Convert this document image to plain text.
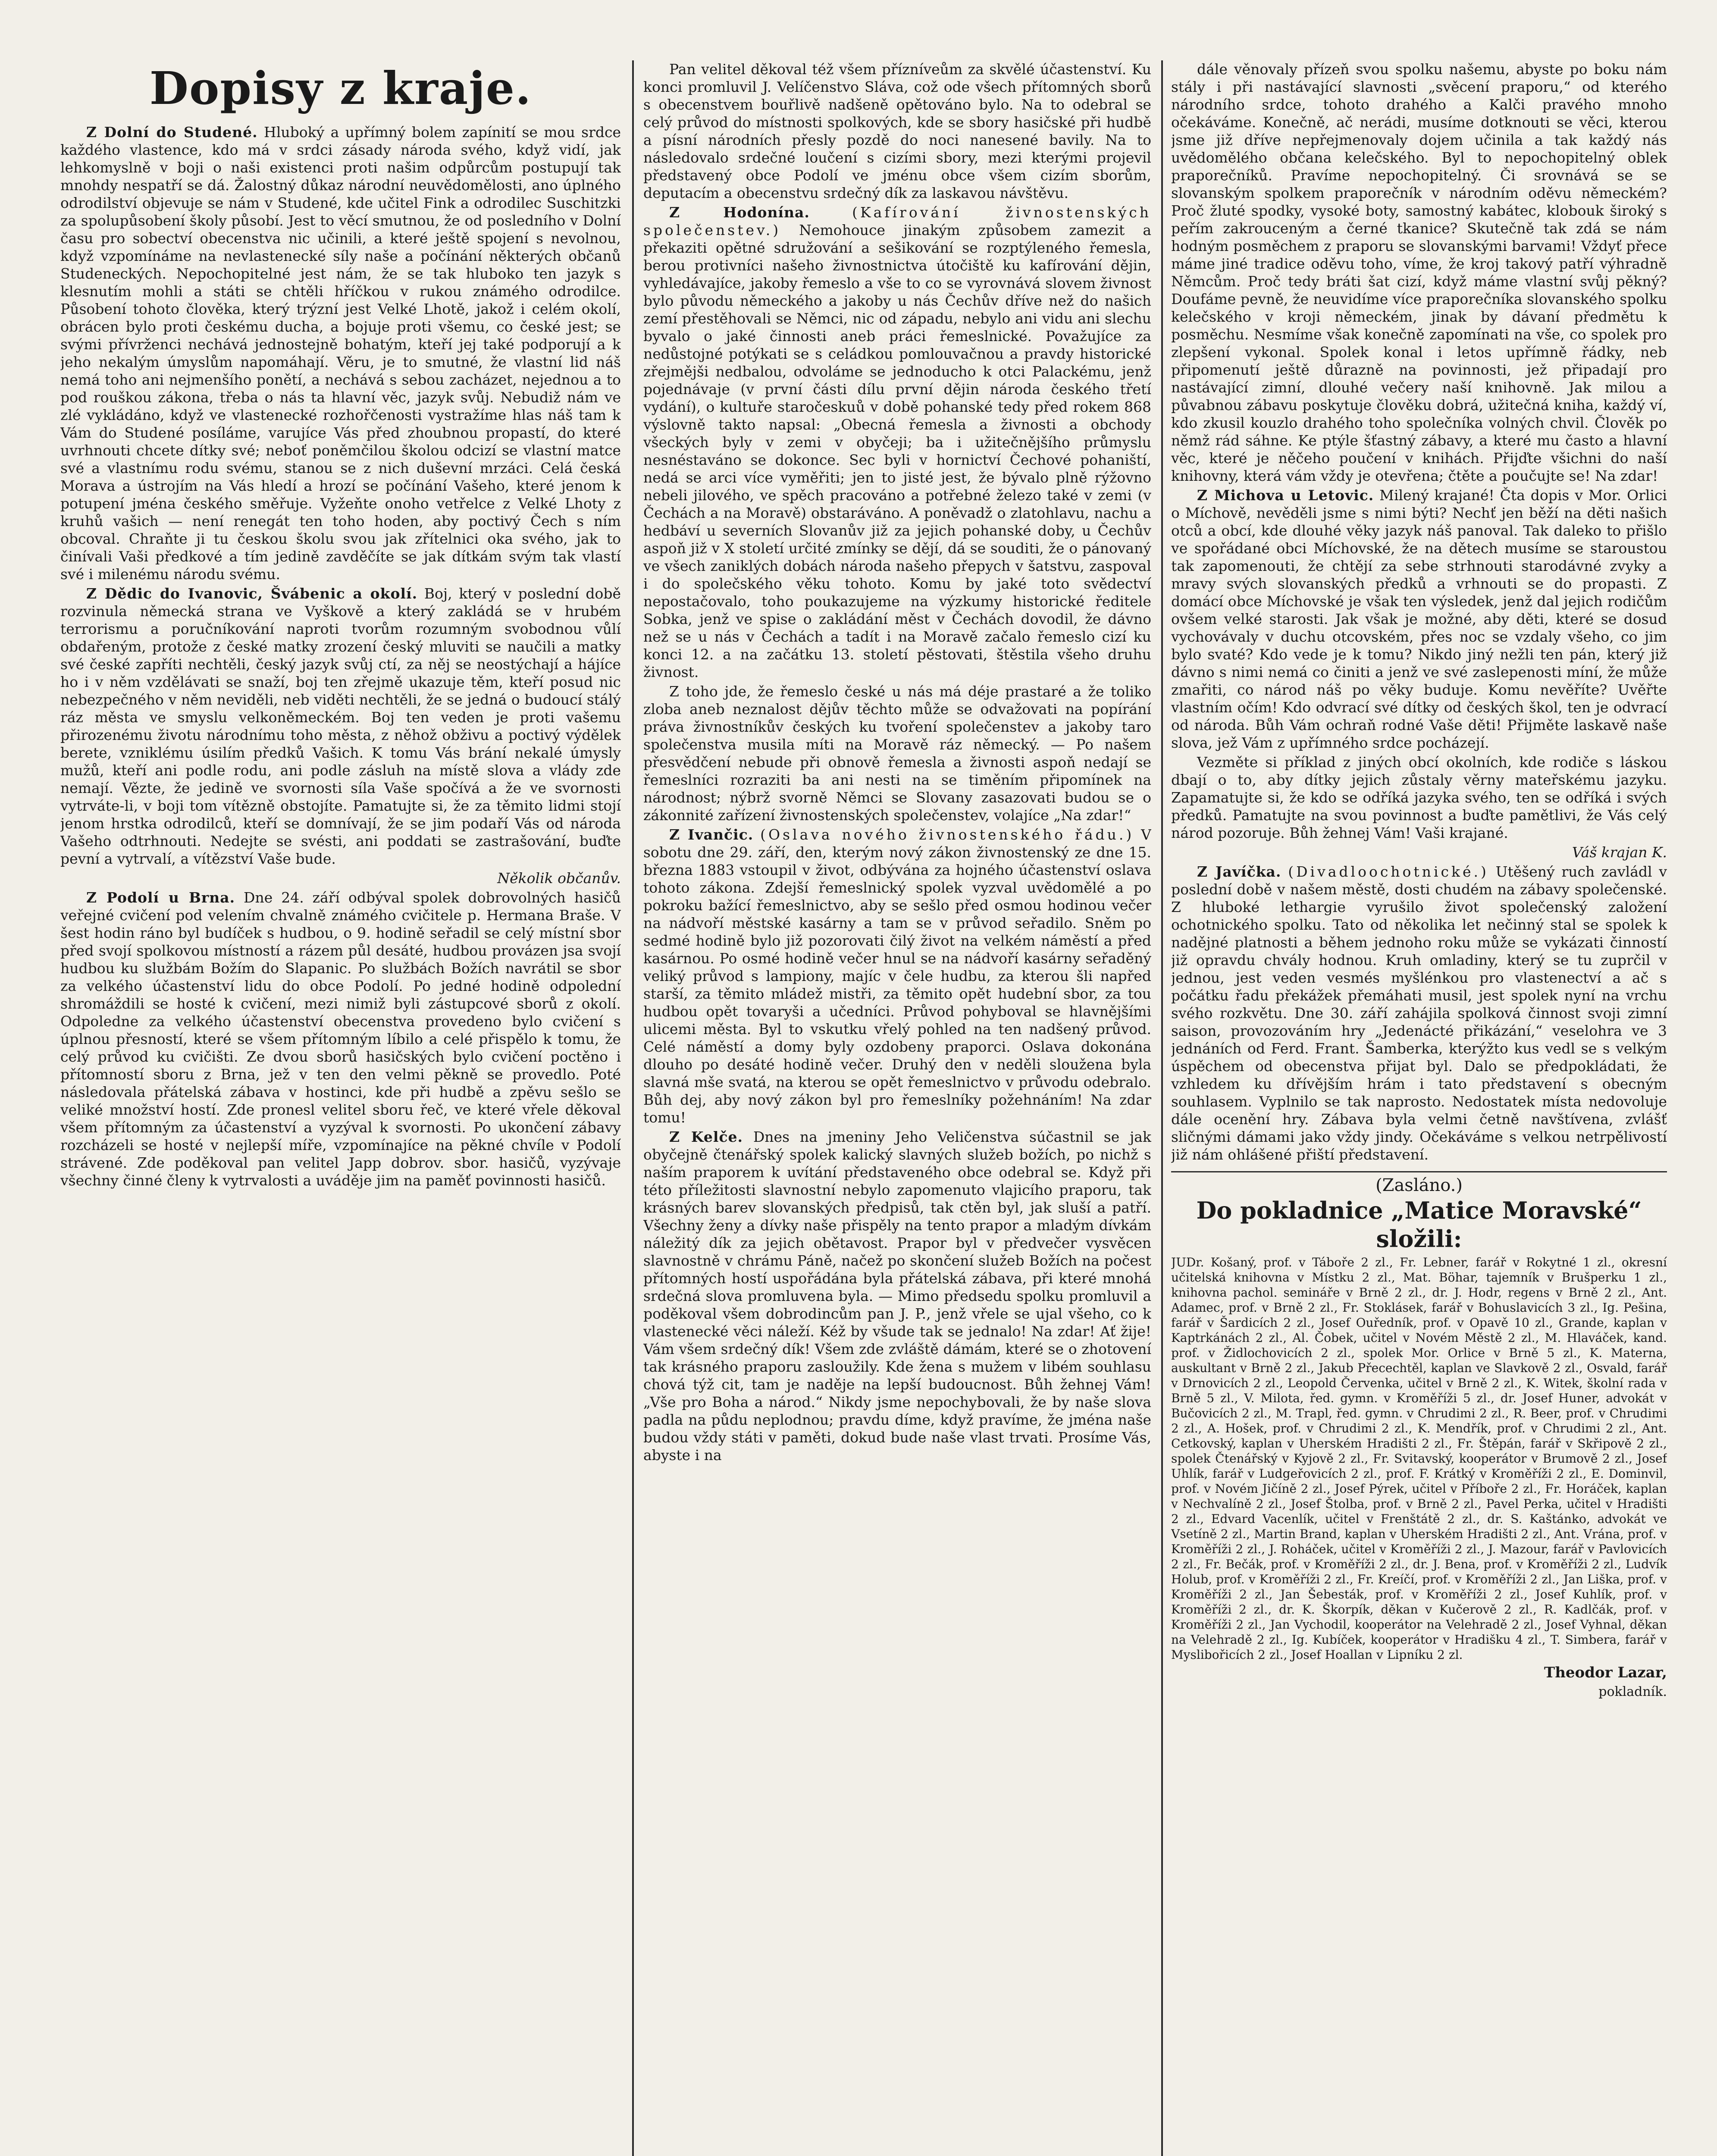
Dopisy z kraje.

Z Dolní do Studené. Hluboký a upřímný bolem zapínití se mou srdce každého vlastence, kdo má v srdci zásady národa svého, když vidí, jak lehkomyslně v boji o naši existenci proti našim odpůrcům postupují tak mnohdy nespatří se dá. Žalostný důkaz národní neuvědomělosti, ano úplného odrodilství objevuje se nám v Studené, kde učitel Fink a odrodilec Suschitzki za spolupůsobení školy působí. Jest to věcí smutnou, že od posledního v Dolní času pro sobectví obecenstva nic učinili, a které ještě spojení s nevolnou, když vzpomínáme na nevlastenecké síly naše a počínání některých občanů Studeneckých. Nepochopitelné jest nám, že se tak hluboko ten jazyk s klesnutím mohli a státi se chtěli hříčkou v rukou známého odrodilce. Působení tohoto člověka, který trýzní jest Velké Lhotě, jakož i celém okolí, obrácen bylo proti českému ducha, a bojuje proti všemu, co české jest; se svými přívrženci nechává jednostejně bohatým, kteří jej také podporují a k jeho nekalým úmyslům napomáhají. Věru, je to smutné, že vlastní lid náš nemá toho ani nejmenšího ponětí, a nechává s sebou zacházet, nejednou a to pod rouškou zákona, třeba o nás ta hlavní věc, jazyk svůj. Nebudiž nám ve zlé vykládáno, když ve vlastenecké rozhořčenosti vystražíme hlas náš tam k Vám do Studené posíláme, varujíce Vás před zhoubnou propastí, do které uvrhnouti chcete dítky své; neboť poněmčilou školou odcizí se vlastní matce své a vlastnímu rodu svému, stanou se z nich duševní mrzáci. Celá česká Morava a ústrojím na Vás hledí a hrozí se počínání Vašeho, které jenom k potupení jména českého směřuje. Vyžeňte onoho vetřelce z Velké Lhoty z kruhů vašich — není renegát ten toho hoden, aby poctivý Čech s ním obcoval. Chraňte ji tu českou školu svou jak zřítelnici oka svého, jak to činívali Vaši předkové a tím jedině zavděčíte se jak dítkám svým tak vlastí své i milenému národu svému.

Z Dědic do Ivanovic, Švábenic a okolí. Boj, který v poslední době rozvinula německá strana ve Vyškově a který zakládá se v hrubém terrorismu a poručníkování naproti tvorům rozumným svobodnou vůlí obdařeným, protože z české matky zrození český mluviti se naučili a matky své české zapříti nechtěli, český jazyk svůj ctí, za něj se neostýchají a hájíce ho i v něm vzdělávati se snaží, boj ten zřejmě ukazuje těm, kteří posud nic nebezpečného v něm neviděli, neb viděti nechtěli, že se jedná o budoucí stálý ráz města ve smyslu velkoněmeckém. Boj ten veden je proti vašemu přirozenému životu národnímu toho města, z něhož obživu a poctivý výdělek berete, vzniklému úsilím předků Vašich. K tomu Vás brání nekalé úmysly mužů, kteří ani podle rodu, ani podle zásluh na místě slova a vlády zde nemají. Vězte, že jedině ve svornosti síla Vaše spočívá a že ve svornosti vytrváte-li, v boji tom vítězně obstojíte. Pamatujte si, že za těmito lidmi stojí jenom hrstka odrodilců, kteří se domnívají, že se jim podaří Vás od národa Vašeho odtrhnouti. Nedejte se svésti, ani poddati se zastrašování, buďte pevní a vytrvalí, a vítězství Vaše bude.

Několik občanův.

Z Podolí u Brna. Dne 24. září odbýval spolek dobrovolných hasičů veřejné cvičení pod velením chvalně známého cvičitele p. Hermana Braše. V šest hodin ráno byl budíček s hudbou, o 9. hodině seřadil se celý místní sbor před svojí spolkovou místností a rázem půl desáté, hudbou provázen jsa svojí hudbou ku službám Božím do Slapanic. Po službách Božích navrátil se sbor za velkého účastenství lidu do obce Podolí. Po jedné hodině odpolední shromáždili se hosté k cvičení, mezi nimiž byli zástupcové sborů z okolí. Odpoledne za velkého účastenství obecenstva provedeno bylo cvičení s úplnou přesností, které se všem přítomným líbilo a celé přispělo k tomu, že celý průvod ku cvičišti. Ze dvou sborů hasičských bylo cvičení poctěno i přítomností sboru z Brna, jež v ten den velmi pěkně se provedlo. Poté následovala přátelská zábava v hostinci, kde při hudbě a zpěvu sešlo se veliké množství hostí. Zde pronesl velitel sboru řeč, ve které vřele děkoval všem přítomným za účastenství a vyzýval k svornosti. Po ukončení zábavy rozcházeli se hosté v nejlepší míře, vzpomínajíce na pěkné chvíle v Podolí strávené. Zde poděkoval pan velitel Japp dobrov. sbor. hasičů, vyzývaje všechny činné členy k vytrvalosti a uváděje jim na paměť povinnosti hasičů.

Pan velitel děkoval též všem přízníveům za skvělé účastenství. Ku konci promluvil J. Velíčenstvo Sláva, což ode všech přítomných sborů s obecenstvem bouřlivě nadšeně opětováno bylo. Na to odebral se celý průvod do místnosti spolkových, kde se sbory hasičské při hudbě a písní národních přesly pozdě do noci nanesené bavily. Na to následovalo srdečné loučení s cizími sbory, mezi kterými projevil představený obce Podolí ve jménu obce všem cizím sborům, deputacím a obecenstvu srdečný dík za laskavou návštěvu.

Z Hodonína.	(Kafírování živnostenských společenstev.) Nemohouce jinakým způsobem zamezit a překaziti opětné sdružování a sešikování se rozptýleného řemesla, berou protivníci našeho živnostnictva útočiště ku kafírování dějin, vyhledávajíce, jakoby řemeslo a vše to co se vyrovnává slovem živnost bylo původu německého a jakoby u nás Čechův dříve než do našich zemí přestěhovali se Němci, nic od západu, nebylo ani vidu ani slechu byvalo o jaké činnosti aneb práci řemeslnické. Považujíce za nedůstojné potýkati se s celádkou pomlouvačnou a pravdy historické zřejmějši nedbalou, odvoláme se jednoducho k otci Palackému, jenž pojednávaje (v první části dílu první dějin národa českého třetí vydání), o kultuře staročeskuů v době pohanské tedy před rokem 868 výslovně takto napsal: „Obecná řemesla a živnosti a obchody všeckých byly v zemi v obyčeji; ba i užitečnějšího průmyslu nesnéstaváno se dokonce. Sec byli v hornictví Čechové pohaniští, nedá se arci více vyměřiti; jen to jisté jest, že bývalo plně rýžovno nebeli jilového, ve spěch pracováno a potřebné železo také v zemi (v Čechách a na Moravě) obstaráváno. A poněvadž o zlatohlavu, nachu a hedbáví u severních Slovanův již za jejich pohanské doby, u Čechův aspoň již v X století určité zmínky se dějí, dá se souditi, že o pánovaný ve všech zaniklých dobách národa našeho přepych v šatstvu, zaspoval i do společského věku tohoto. Komu by jaké toto svědectví nepostačovalo, toho poukazujeme na výzkumy historické ředitele Sobka, jenž ve spise o zakládání měst v Čechách dovodil, že dávno než se u nás v Čechách a tadít i na Moravě začalo řemeslo cizí ku konci 12. a na začátku 13. století pěstovati, štěstila všeho druhu živnost.

Z toho jde, že řemeslo české u nás má déje prastaré a že toliko zloba aneb neznalost dějův těchto může se odvažovati na popírání práva živnostníkův českých ku tvoření společenstev a jakoby taro společenstva musila míti na Moravě ráz německý. — Po našem přesvědčení nebude při obnově řemesla a živnosti aspoň nedají se řemeslníci rozraziti ba ani nesti na se timěním připomínek na národnost; nýbrž svorně Němci se Slovany zasazovati budou se o zákonnité zařízení živnostenských společenstev, volajíce „Na zdar!“

Z Ivančic. (Oslava nového živnostenského řádu.) V sobotu dne 29. září, den, kterým nový zákon živnostenský ze dne 15. března 1883 vstoupil v život, odbývána za hojného účastenství oslava tohoto zákona. Zdejší řemeslnický spolek vyzval uvědomělé a po pokroku bažící řemeslnictvo, aby se sešlo před osmou hodinou večer na nádvoří městské kasárny a tam se v průvod seřadilo. Sněm po sedmé hodině bylo již pozorovati čilý život na velkém náměstí a před kasárnou. Po osmé hodině večer hnul se na nádvoří kasárny seřaděný veliký průvod s lampiony, majíc v čele hudbu, za kterou šli napřed starší, za těmito mládež mistři, za těmito opět hudební sbor, za tou hudbou opět tovaryši a učedníci. Průvod pohyboval se hlavnějšími ulicemi města. Byl to vskutku vřelý pohled na ten nadšený průvod. Celé náměstí a domy byly ozdobeny praporci. Oslava dokonána dlouho po desáté hodině večer. Druhý den v neděli sloužena byla slavná mše svatá, na kterou se opět řemeslnictvo v průvodu odebralo. Bůh dej, aby nový zákon byl pro řemeslníky požehnáním! Na zdar tomu!

Z Kelče. Dnes na jmeniny Jeho Veličenstva súčastnil se jak obyčejně čtenářský spolek kalický slavných služeb božích, po nichž s naším praporem k uvítání představeného obce odebral se. Když při této příležitosti slavnostní nebylo zapomenuto vlajicího praporu, tak krásných barev slovanských předpisů, tak ctěn byl, jak sluší a patří. Všechny ženy a dívky naše přispěly na tento prapor a mladým dívkám náležitý dík za jejich obětavost. Prapor byl v předvečer vysvěcen slavnostně v chrámu Páně, načež po skončení služeb Božích na počest přítomných hostí uspořádána byla přátelská zábava, při které mnohá srdečná slova promluvena byla. — Mimo předsedu spolku promluvil a poděkoval všem dobrodincům pan J. P., jenž vřele se ujal všeho, co k vlastenecké věci náleží. Kéž by všude tak se jednalo! Na zdar! Ať žije! Vám všem srdečný dík! Všem zde zvláště dámám, které se o zhotovení tak krásného praporu zasloužily. Kde žena s mužem v libém souhlasu chová týž cit, tam je naděje na lepší budoucnost. Bůh žehnej Vám! „Vše pro Boha a národ.“ Nikdy jsme nepochybovali, že by naše slova padla na půdu neplodnou; pravdu díme, když pravíme, že jména naše budou vždy státi v paměti, dokud bude naše vlast trvati. Prosíme Vás, abyste i na

dále věnovaly přízeň svou spolku našemu, abyste po boku nám stály i při nastávající slavnosti „svěcení praporu,“ od kterého národního srdce, tohoto drahého a Kalči pravého mnoho očekáváme. Konečně, ač nerádi, musíme dotknouti se věci, kterou jsme již dříve nepřejmenovaly dojem učinila a tak každý nás uvědomělého občana kelečského. Byl to nepochopitelný oblek praporečníků. Pravíme nepochopitelný. Či srovnává se se slovanským spolkem praporečník v národním oděvu německém? Proč žluté spodky, vysoké boty, samostný kabátec, klobouk široký s peřím zakrouceným a černé tkanice? Skutečně tak zdá se nám hodným posměchem z praporu se slovanskými barvami! Vždyť přece máme jiné tradice oděvu toho, víme, že kroj takový patří výhradně Němcům. Proč tedy bráti šat cizí, když máme vlastní svůj pěkný? Doufáme pevně, že neuvidíme více praporečníka slovanského spolku kelečského v kroji německém, jinak by dávaní předmětu k posměchu. Nesmíme však konečně zapomínati na vše, co spolek pro zlepšení vykonal. Spolek konal i letos upřímně řádky, neb připomenutí ještě důrazně na povinnosti, jež připadají pro nastávající zimní, dlouhé večery naší knihovně. Jak milou a půvabnou zábavu poskytuje člověku dobrá, užitečná kniha, každý ví, kdo zkusil kouzlo drahého toho společníka volných chvil. Člověk po němž rád sáhne. Ke ptýle šťastný zábavy, a které mu často a hlavní věc, které je něčeho poučení v knihách. Přijďte všichni do naší knihovny, která vám vždy je otevřena; čtěte a poučujte se! Na zdar!

Z Michova u Letovic. Milený krajané! Čta dopis v Mor. Orlici o Míchově, nevěděli jsme s nimi býti? Nechť jen běží na děti našich otců a obcí, kde dlouhé věky jazyk náš panoval. Tak daleko to přišlo ve spořádané obci Míchovské, že na dětech musíme se staroustou tak zapomenouti, že chtějí za sebe strhnouti starodávné zvyky a mravy svých slovanských předků a vrhnouti se do propasti. Z domácí obce Míchovské je však ten výsledek, jenž dal jejich rodičům ovšem velké starosti. Jak však je možné, aby děti, které se dosud vychovávaly v duchu otcovském, přes noc se vzdaly všeho, co jim bylo svaté? Kdo vede je k tomu? Nikdo jiný nežli ten pán, který již dávno s nimi nemá co činiti a jenž ve své zaslepenosti míní, že může zmařiti, co národ náš po věky buduje. Komu nevěříte? Uvěřte vlastním očím! Kdo odvrací své dítky od českých škol, ten je odvrací od národa. Bůh Vám ochraň rodné Vaše děti! Přijměte laskavě naše slova, jež Vám z upřímného srdce pocházejí.

Vezměte si příklad z jiných obcí okolních, kde rodiče s láskou dbají o to, aby dítky jejich zůstaly věrny mateřskému jazyku. Zapamatujte si, že kdo se odříká jazyka svého, ten se odříká i svých předků. Pamatujte na svou povinnost a buďte pamětlivi, že Vás celý národ pozoruje. Bůh žehnej Vám! Vaši krajané.

Váš krajan K.

Z Javíčka. (Divadloochotnické.) Utěšený ruch zavládl v poslední době v našem městě, dosti chudém na zábavy společenské. Z hluboké lethargie vyrušilo život společenský založení ochotnického spolku. Tato od několika let nečinný stal se spolek k nadějné platnosti a během jednoho roku může se vykázati činností již opravdu chvály hodnou. Kruh omladiny, který se tu zuprčil v jednou, jest veden vesmés myšlénkou pro vlastenectví a ač s počátku řadu překážek přemáhati musil, jest spolek nyní na vrchu svého rozkvětu. Dne 30. září zahájila spolková činnost svoji zimní saison, provozováním hry „Jedenácté přikázání,“ veselohra ve 3 jednáních od Ferd. Frant. Šamberka, kterýžto kus vedl se s velkým úspěchem od obecenstva přijat byl. Dalo se předpokládati, že vzhledem ku dřívějším hrám i tato představení s obecným souhlasem. Vyplnilo se tak naprosto. Nedostatek místa nedovoluje dále ocenění hry. Zábava byla velmi četně navštívena, zvlášť sličnými dámami jako vždy jindy. Očekáváme s velkou netrpělivostí již nám ohlášené přiští představení.

(Zasláno.)

Do pokladnice „Matice Moravské“ složili:

JUDr. Košaný, prof. v Táboře 2 zl., Fr. Lebner, farář v Rokytné 1 zl., okresní učitelská knihovna v Místku 2 zl., Mat. Böhar, tajemník v Brušperku 1 zl., knihovna pachol. semináře v Brně 2 zl., dr. J. Hodr, regens v Brně 2 zl., Ant. Adamec, prof. v Brně 2 zl., Fr. Stoklásek, farář v Bohuslavicích 3 zl., Ig. Pešina, farář v Šardicích 2 zl., Josef Ouředník, prof. v Opavě 10 zl., Grande, kaplan v Kaptrkánách 2 zl., Al. Čobek, učitel v Novém Městě 2 zl., M. Hlaváček, kand. prof. v Židlochovicích 2 zl., spolek Mor. Orlice v Brně 5 zl., K. Materna, auskultant v Brně 2 zl., Jakub Přecechtěl, kaplan ve Slavkově 2 zl., Osvald, farář v Drnovicích 2 zl., Leopold Červenka, učitel v Brně 2 zl., K. Witek, školní rada v Brně 5 zl., V. Milota, řed. gymn. v Kroměříži 5 zl., dr. Josef Huner, advokát v Bučovicích 2 zl., M. Trapl, řed. gymn. v Chrudimi 2 zl., R. Beer, prof. v Chrudimi 2 zl., A. Hošek, prof. v Chrudimi 2 zl., K. Mendřík, prof. v Chrudimi 2 zl., Ant. Cetkovský, kaplan v Uherském Hradišti 2 zl., Fr. Štěpán, farář v Skřipově 2 zl., spolek Čtenářský v Kyjově 2 zl., Fr. Svitavský, kooperátor v Brumově 2 zl., Josef Uhlík, farář v Ludgeřovicích 2 zl., prof. F. Krátký v Kroměříži 2 zl., E. Dominvil, prof. v Novém Jičíně 2 zl., Josef Pýrek, učitel v Příboře 2 zl., Fr. Horáček, kaplan v Nechvalíně 2 zl., Josef Štolba, prof. v Brně 2 zl., Pavel Perka, učitel v Hradišti 2 zl., Edvard Vacenlík, učitel v Frenštátě 2 zl., dr. S. Kaštánko, advokát ve Vsetíně 2 zl., Martin Brand, kaplan v Uherském Hradišti 2 zl., Ant. Vrána, prof. v Kroměříži 2 zl., J. Roháček, učitel v Kroměříži 2 zl., J. Mazour, farář v Pavlovicích 2 zl., Fr. Bečák, prof. v Kroměříži 2 zl., dr. J. Bena, prof. v Kroměříži 2 zl., Ludvík Holub, prof. v Kroměříži 2 zl., Fr. Kreíčí, prof. v Kroměříži 2 zl., Jan Liška, prof. v Kroměříži 2 zl., Jan Šebesták, prof. v Kroměříži 2 zl., Josef Kuhlík, prof. v Kroměříži 2 zl., dr. K. Škorpík, děkan v Kučerově 2 zl., R. Kadlčák, prof. v Kroměříži 2 zl., Jan Vychodil, kooperátor na Velehradě 2 zl., Josef Vyhnal, děkan na Velehradě 2 zl., Ig. Kubíček, kooperátor v Hradišku 4 zl., T. Simbera, farář v Myslibořicích 2 zl., Josef Hoallan v Lipníku 2 zl.

Theodor Lazar,

pokladník.
